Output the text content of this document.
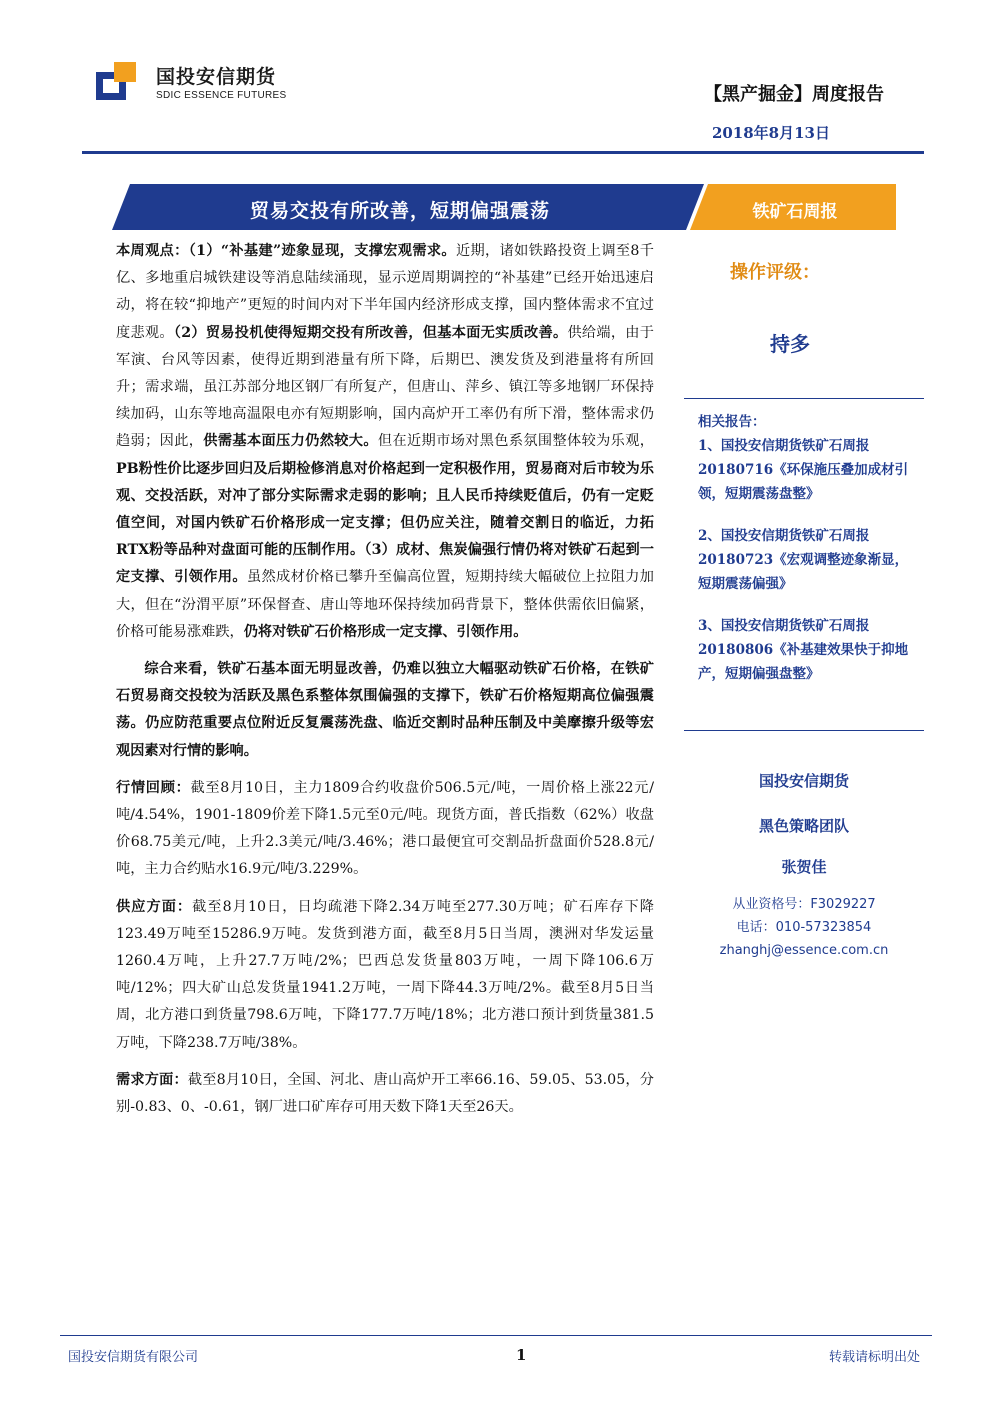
国投安信期货
SDIC ESSENCE FUTURES	【黑产掘金】周度报告
2018年8月13日
贸易交投有所改善，短期偏强震荡	铁矿石周报

本周观点：（1）“补基建”迹象显现，支撑宏观需求。近期，诸如铁路投资上调至8千亿、多地重启城铁建设等消息陆续涌现，显示逆周期调控的“补基建”已经开始迅速启动，将在较“抑地产”更短的时间内对下半年国内经济形成支撑，国内整体需求不宜过度悲观。（2）贸易投机使得短期交投有所改善，但基本面无实质改善。供给端，由于军演、台风等因素，使得近期到港量有所下降，后期巴、澳发货及到港量将有所回升；需求端，虽江苏部分地区钢厂有所复产，但唐山、萍乡、镇江等多地钢厂环保持续加码，山东等地高温限电亦有短期影响，国内高炉开工率仍有所下滑，整体需求仍趋弱；因此，供需基本面压力仍然较大。但在近期市场对黑色系氛围整体较为乐观，PB粉性价比逐步回归及后期检修消息对价格起到一定积极作用，贸易商对后市较为乐观、交投活跃，对冲了部分实际需求走弱的影响；且人民币持续贬值后，仍有一定贬值空间，对国内铁矿石价格形成一定支撑；但仍应关注，随着交割日的临近，力拓RTX粉等品种对盘面可能的压制作用。（3）成材、焦炭偏强行情仍将对铁矿石起到一定支撑、引领作用。虽然成材价格已攀升至偏高位置，短期持续大幅破位上拉阻力加大，但在“汾渭平原”环保督查、唐山等地环保持续加码背景下，整体供需依旧偏紧，价格可能易涨难跌，仍将对铁矿石价格形成一定支撑、引领作用。

综合来看，铁矿石基本面无明显改善，仍难以独立大幅驱动铁矿石价格，在铁矿石贸易商交投较为活跃及黑色系整体氛围偏强的支撑下，铁矿石价格短期高位偏强震荡。仍应防范重要点位附近反复震荡洗盘、临近交割时品种压制及中美摩擦升级等宏观因素对行情的影响。

行情回顾：截至8月10日，主力1809合约收盘价506.5元/吨，一周价格上涨22元/吨/4.54%，1901-1809价差下降1.5元至0元/吨。现货方面，普氏指数（62%）收盘价68.75美元/吨，上升2.3美元/吨/3.46%；港口最便宜可交割品折盘面价528.8元/吨，主力合约贴水16.9元/吨/3.229%。

供应方面：截至8月10日，日均疏港下降2.34万吨至277.30万吨；矿石库存下降123.49万吨至15286.9万吨。发货到港方面，截至8月5日当周，澳洲对华发运量1260.4万吨，上升27.7万吨/2%；巴西总发货量803万吨，一周下降106.6万吨/12%；四大矿山总发货量1941.2万吨，一周下降44.3万吨/2%。截至8月5日当周，北方港口到货量798.6万吨，下降177.7万吨/18%；北方港口预计到货量381.5万吨，下降238.7万吨/38%。

需求方面：截至8月10日，全国、河北、唐山高炉开工率66.16、59.05、53.05，分别-0.83、0、-0.61，钢厂进口矿库存可用天数下降1天至26天。

操作评级：
持多
相关报告：

1、国投安信期货铁矿石周报20180716《环保施压叠加成材引领，短期震荡盘整》

2、国投安信期货铁矿石周报20180723《宏观调整迹象渐显，短期震荡偏强》

3、国投安信期货铁矿石周报20180806《补基建效果快于抑地产，短期偏强盘整》

国投安信期货
黑色策略团队
张贺佳
从业资格号：F3029227
电话：010-57323854
zhanghj@essence.com.cn
国投安信期货有限公司	1	转载请标明出处
